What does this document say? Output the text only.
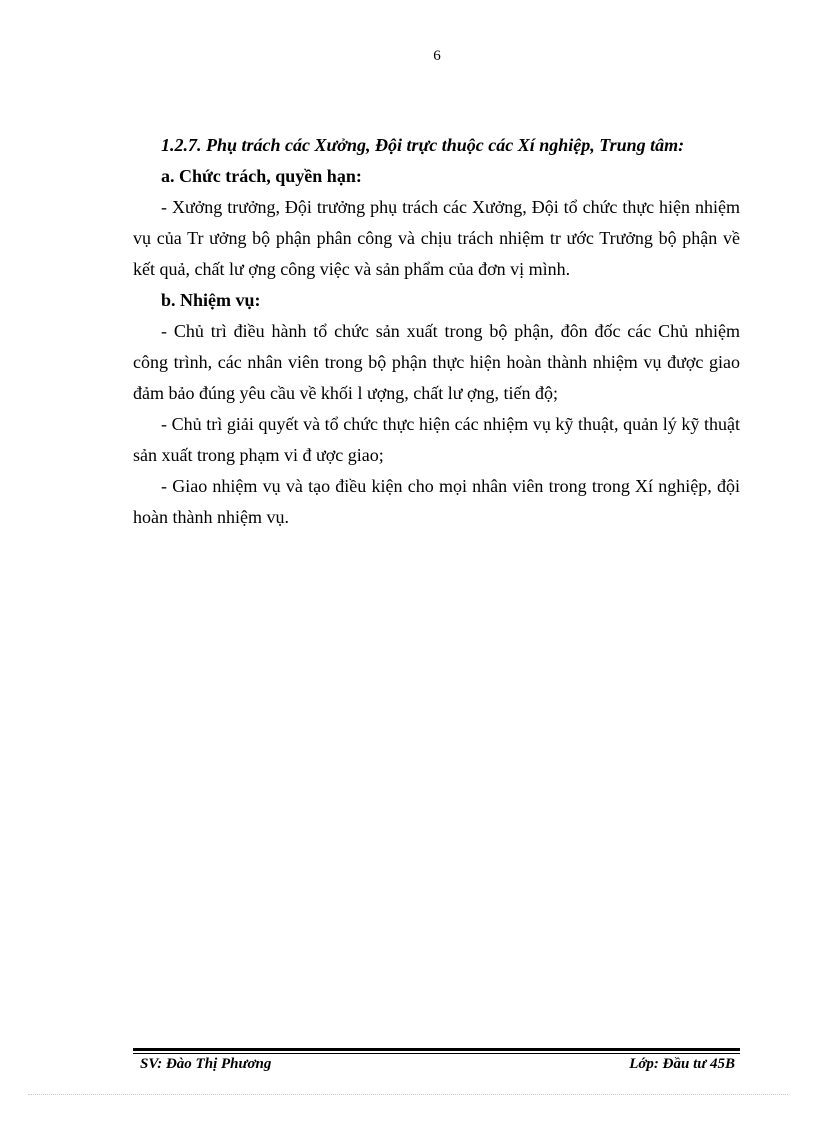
6

1.2.7. Phụ trách các Xưởng, Đội trực thuộc các Xí nghiệp, Trung tâm:

a. Chức trách, quyền hạn:

- Xưởng trưởng, Đội trưởng phụ trách các Xưởng, Đội tổ chức thực hiện nhiệm vụ của Tr ưởng bộ phận phân công và chịu trách nhiệm tr ước Trưởng bộ phận về kết quả, chất lư ợng công việc và sản phẩm của đơn vị mình.

b. Nhiệm vụ:

- Chủ trì điều hành tổ chức sản xuất trong bộ phận, đôn đốc các Chủ nhiệm công trình, các nhân viên trong bộ phận thực hiện hoàn thành nhiệm vụ được giao đảm bảo đúng yêu cầu về khối l ượng, chất lư ợng, tiến độ;

- Chủ trì giải quyết và tổ chức thực hiện các nhiệm vụ kỹ thuật, quản lý kỹ thuật sản xuất trong phạm vi đ ược giao;

- Giao nhiệm vụ và tạo điều kiện cho mọi nhân viên trong trong Xí nghiệp, đội hoàn thành nhiệm vụ.

SV: Đào Thị Phương	Lớp: Đầu tư 45B
